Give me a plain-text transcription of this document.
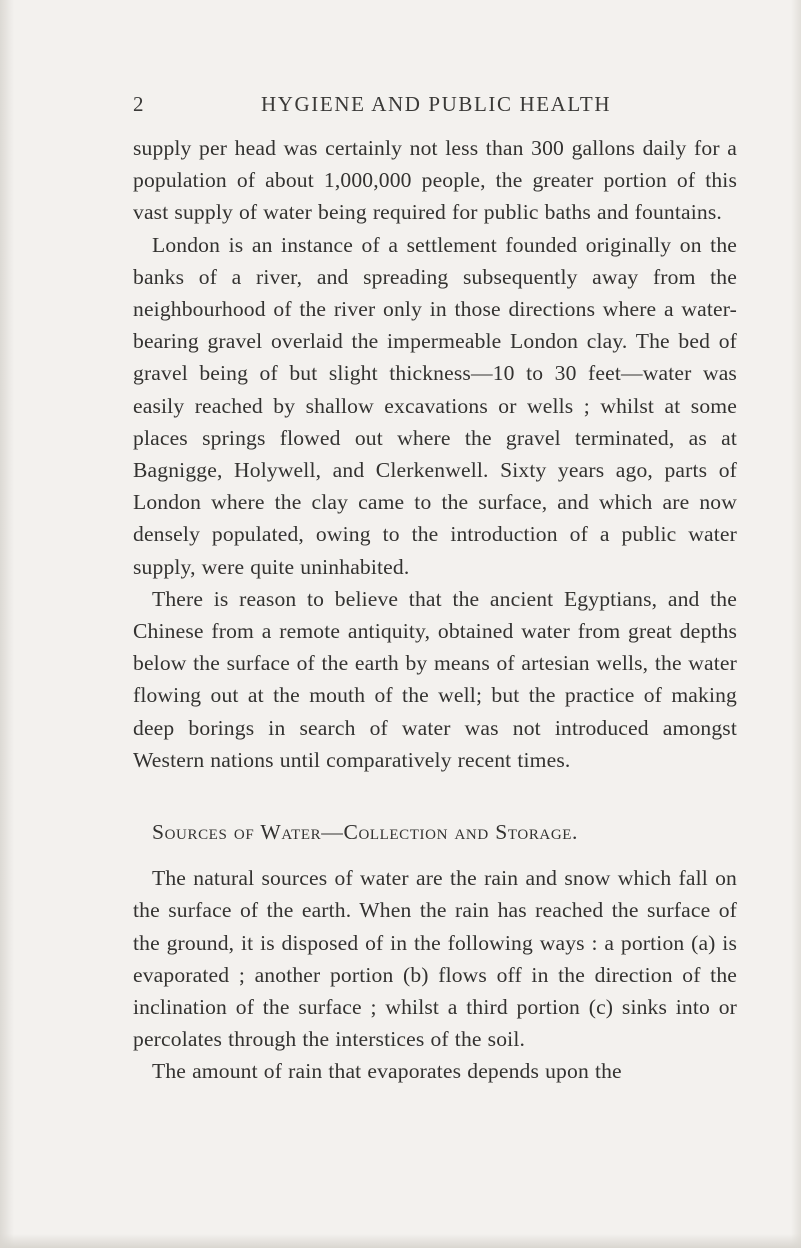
2	HYGIENE AND PUBLIC HEALTH

supply per head was certainly not less than 300 gallons daily for a population of about 1,000,000 people, the greater portion of this vast supply of water being required for public baths and fountains.

London is an instance of a settlement founded originally on the banks of a river, and spreading subsequently away from the neighbourhood of the river only in those directions where a water-bearing gravel overlaid the impermeable London clay. The bed of gravel being of but slight thickness—10 to 30 feet—water was easily reached by shallow excavations or wells ; whilst at some places springs flowed out where the gravel terminated, as at Bagnigge, Holywell, and Clerkenwell. Sixty years ago, parts of London where the clay came to the surface, and which are now densely populated, owing to the introduction of a public water supply, were quite uninhabited.

There is reason to believe that the ancient Egyptians, and the Chinese from a remote antiquity, obtained water from great depths below the surface of the earth by means of artesian wells, the water flowing out at the mouth of the well; but the practice of making deep borings in search of water was not introduced amongst Western nations until comparatively recent times.

Sources of Water—Collection and Storage.

The natural sources of water are the rain and snow which fall on the surface of the earth. When the rain has reached the surface of the ground, it is disposed of in the following ways : a portion (a) is evaporated ; another portion (b) flows off in the direction of the inclination of the surface ; whilst a third portion (c) sinks into or percolates through the interstices of the soil.

The amount of rain that evaporates depends upon the
